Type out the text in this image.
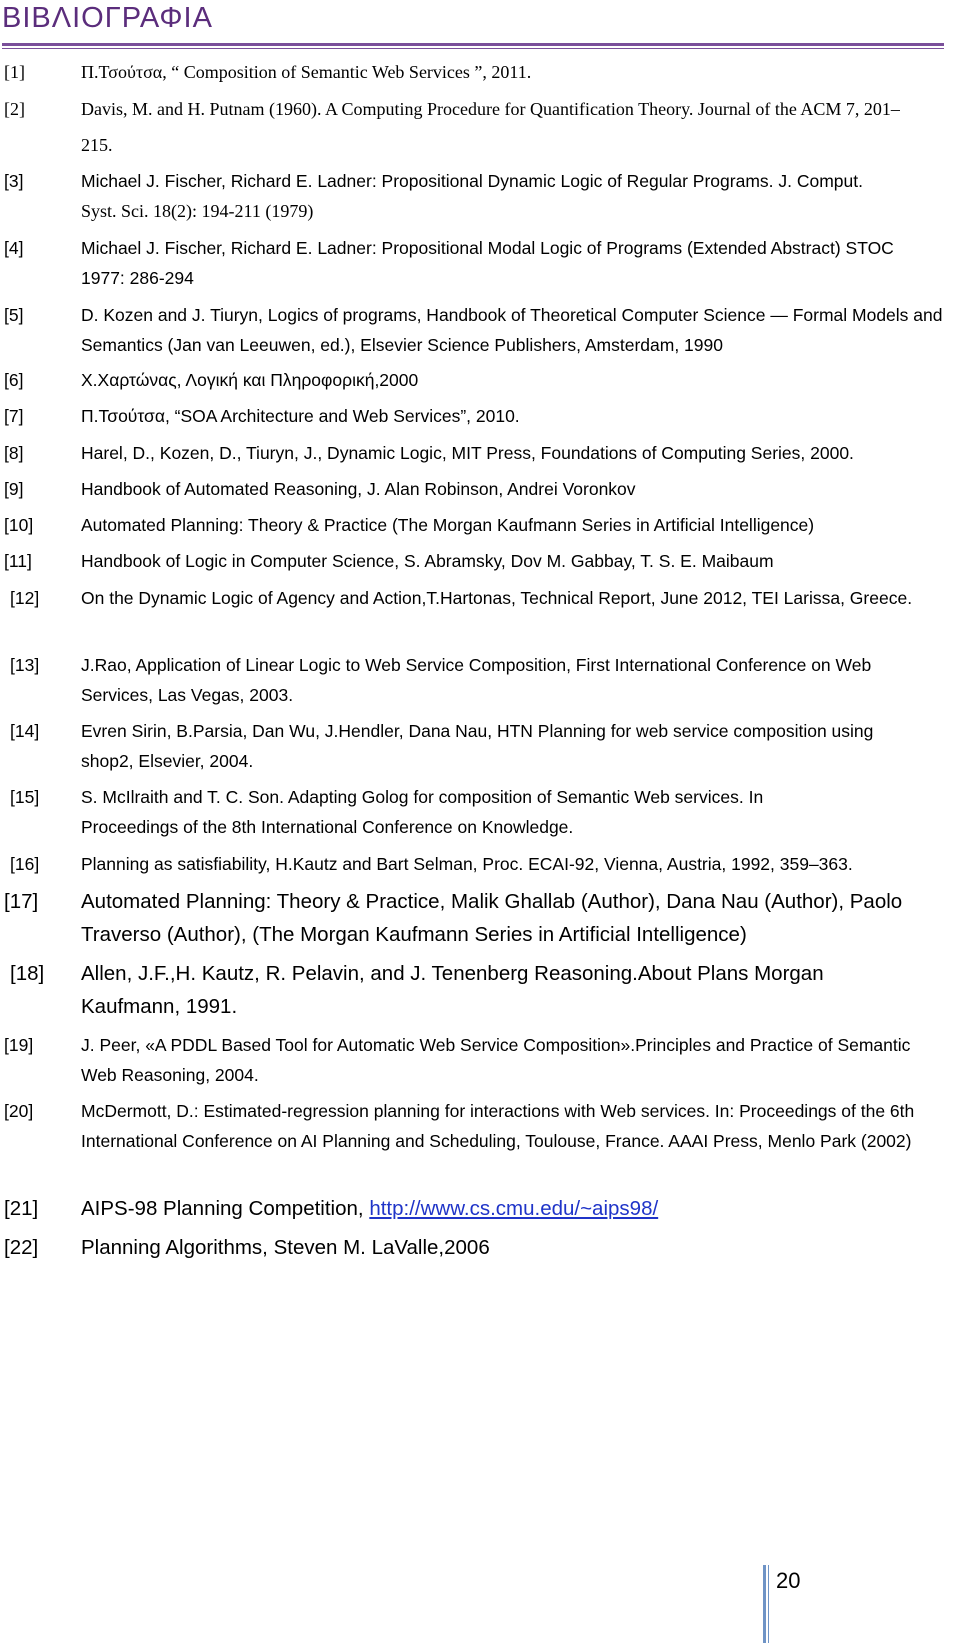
ΒΙΒΛΙΟΓΡΑΦΙΑ
[1]	Π.Τσούτσα, “ Composition of Semantic Web Services ”, 2011.
[2]	Davis, M. and H. Putnam (1960). A Computing Procedure for Quantification Theory. Journal of the ACM 7, 201–215.
[3]	Michael J. Fischer, Richard E. Ladner: Propositional Dynamic Logic of Regular Programs. J. Comput.
Syst. Sci. 18(2): 194-211 (1979)
[4]	Michael J. Fischer, Richard E. Ladner: Propositional Modal Logic of Programs (Extended Abstract) STOC 1977: 286-294
[5]	D. Kozen and J. Tiuryn, Logics of programs, Handbook of Theoretical Computer Science — Formal Models and Semantics (Jan van Leeuwen, ed.), Elsevier Science Publishers, Amsterdam, 1990
[6]	Χ.Χαρτώνας, Λογική και Πληροφορική,2000
[7]	Π.Τσούτσα, “SOA Architecture and Web Services”, 2010.
[8]	Harel, D., Kozen, D., Tiuryn, J., Dynamic Logic, MIT Press, Foundations of Computing Series, 2000.
[9]	Handbook of Automated Reasoning, J. Alan Robinson, Andrei Voronkov
[10]	Automated Planning: Theory & Practice (The Morgan Kaufmann Series in Artificial Intelligence)
[11]	Handbook of Logic in Computer Science, S. Abramsky, Dov M. Gabbay, T. S. E. Maibaum
[12] On the Dynamic Logic of Agency and Action,T.Hartonas, Technical Report, June 2012, TEI Larissa, Greece.
[13] J.Rao, Application of Linear Logic to Web Service Composition, First International Conference on Web Services, Las Vegas, 2003.
[14] Evren Sirin, B.Parsia, Dan Wu, J.Hendler, Dana Nau, HTN Planning for web service composition using shop2, Elsevier, 2004.
[15] S. McIlraith and T. C. Son. Adapting Golog for composition of Semantic Web services. In Proceedings of the 8th International Conference on Knowledge.
[16] Planning as satisfiability, H.Kautz and Bart Selman, Proc. ECAI-92, Vienna, Austria, 1992, 359–363.
[17] Automated Planning: Theory & Practice, Malik Ghallab (Author), Dana Nau (Author), Paolo Traverso (Author), (The Morgan Kaufmann Series in Artificial Intelligence)
[18] Allen, J.F.,H. Kautz, R. Pelavin, and J. Tenenberg Reasoning.About Plans Morgan Kaufmann, 1991.
[19]	J. Peer, «A PDDL Based Tool for Automatic Web Service Composition».Principles and Practice of Semantic Web Reasoning, 2004.
[20]	McDermott, D.: Estimated-regression planning for interactions with Web services. In: Proceedings of the 6th International Conference on AI Planning and Scheduling, Toulouse, France. AAAI Press, Menlo Park (2002)
[21] AIPS-98 Planning Competition, http://www.cs.cmu.edu/~aips98/
[22] Planning Algorithms, Steven M. LaValle,2006
20
